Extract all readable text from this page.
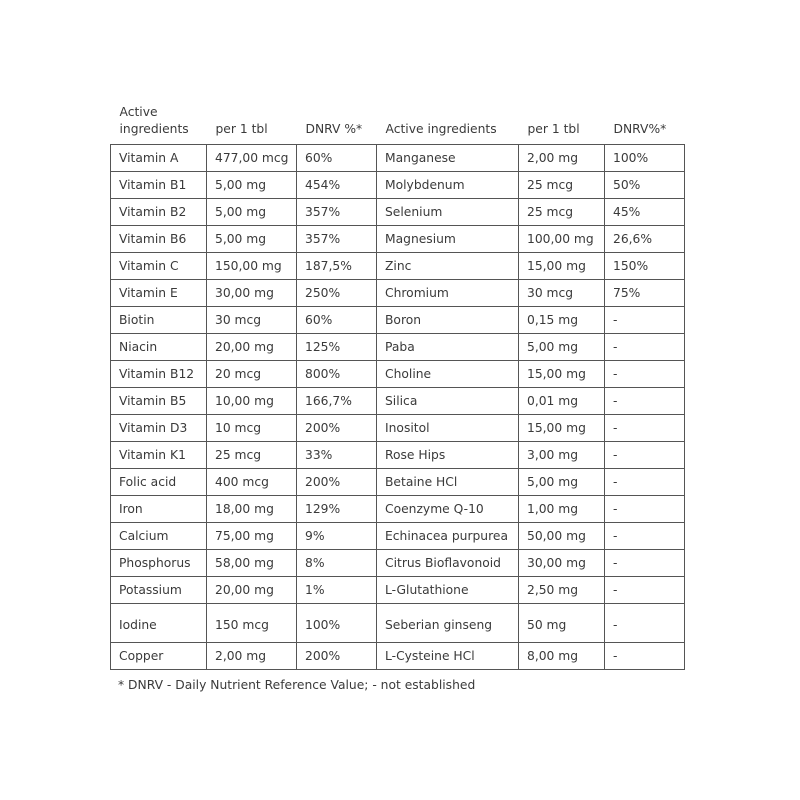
Active
ingredients	per 1 tbl	DNRV %*	Active ingredients	per 1 tbl	DNRV%*
Vitamin A	477,00 mcg	60%	Manganese	2,00 mg	100%
Vitamin B1	5,00 mg	454%	Molybdenum	25 mcg	50%
Vitamin B2	5,00 mg	357%	Selenium	25 mcg	45%
Vitamin B6	5,00 mg	357%	Magnesium	100,00 mg	26,6%
Vitamin C	150,00 mg	187,5%	Zinc	15,00 mg	150%
Vitamin E	30,00 mg	250%	Chromium	30 mcg	75%
Biotin	30 mcg	60%	Boron	0,15 mg	-
Niacin	20,00 mg	125%	Paba	5,00 mg	-
Vitamin B12	20 mcg	800%	Choline	15,00 mg	-
Vitamin B5	10,00 mg	166,7%	Silica	0,01 mg	-
Vitamin D3	10 mcg	200%	Inositol	15,00 mg	-
Vitamin K1	25 mcg	33%	Rose Hips	3,00 mg	-
Folic acid	400 mcg	200%	Betaine HCl	5,00 mg	-
Iron	18,00 mg	129%	Coenzyme Q-10	1,00 mg	-
Calcium	75,00 mg	9%	Echinacea purpurea	50,00 mg	-
Phosphorus	58,00 mg	8%	Citrus Bioflavonoid	30,00 mg	-
Potassium	20,00 mg	1%	L-Glutathione	2,50 mg	-
Iodine	150 mcg	100%	Seberian ginseng	50 mg	-
Copper	2,00 mg	200%	L-Cysteine HCl	8,00 mg	-
* DNRV - Daily Nutrient Reference Value; - not established
